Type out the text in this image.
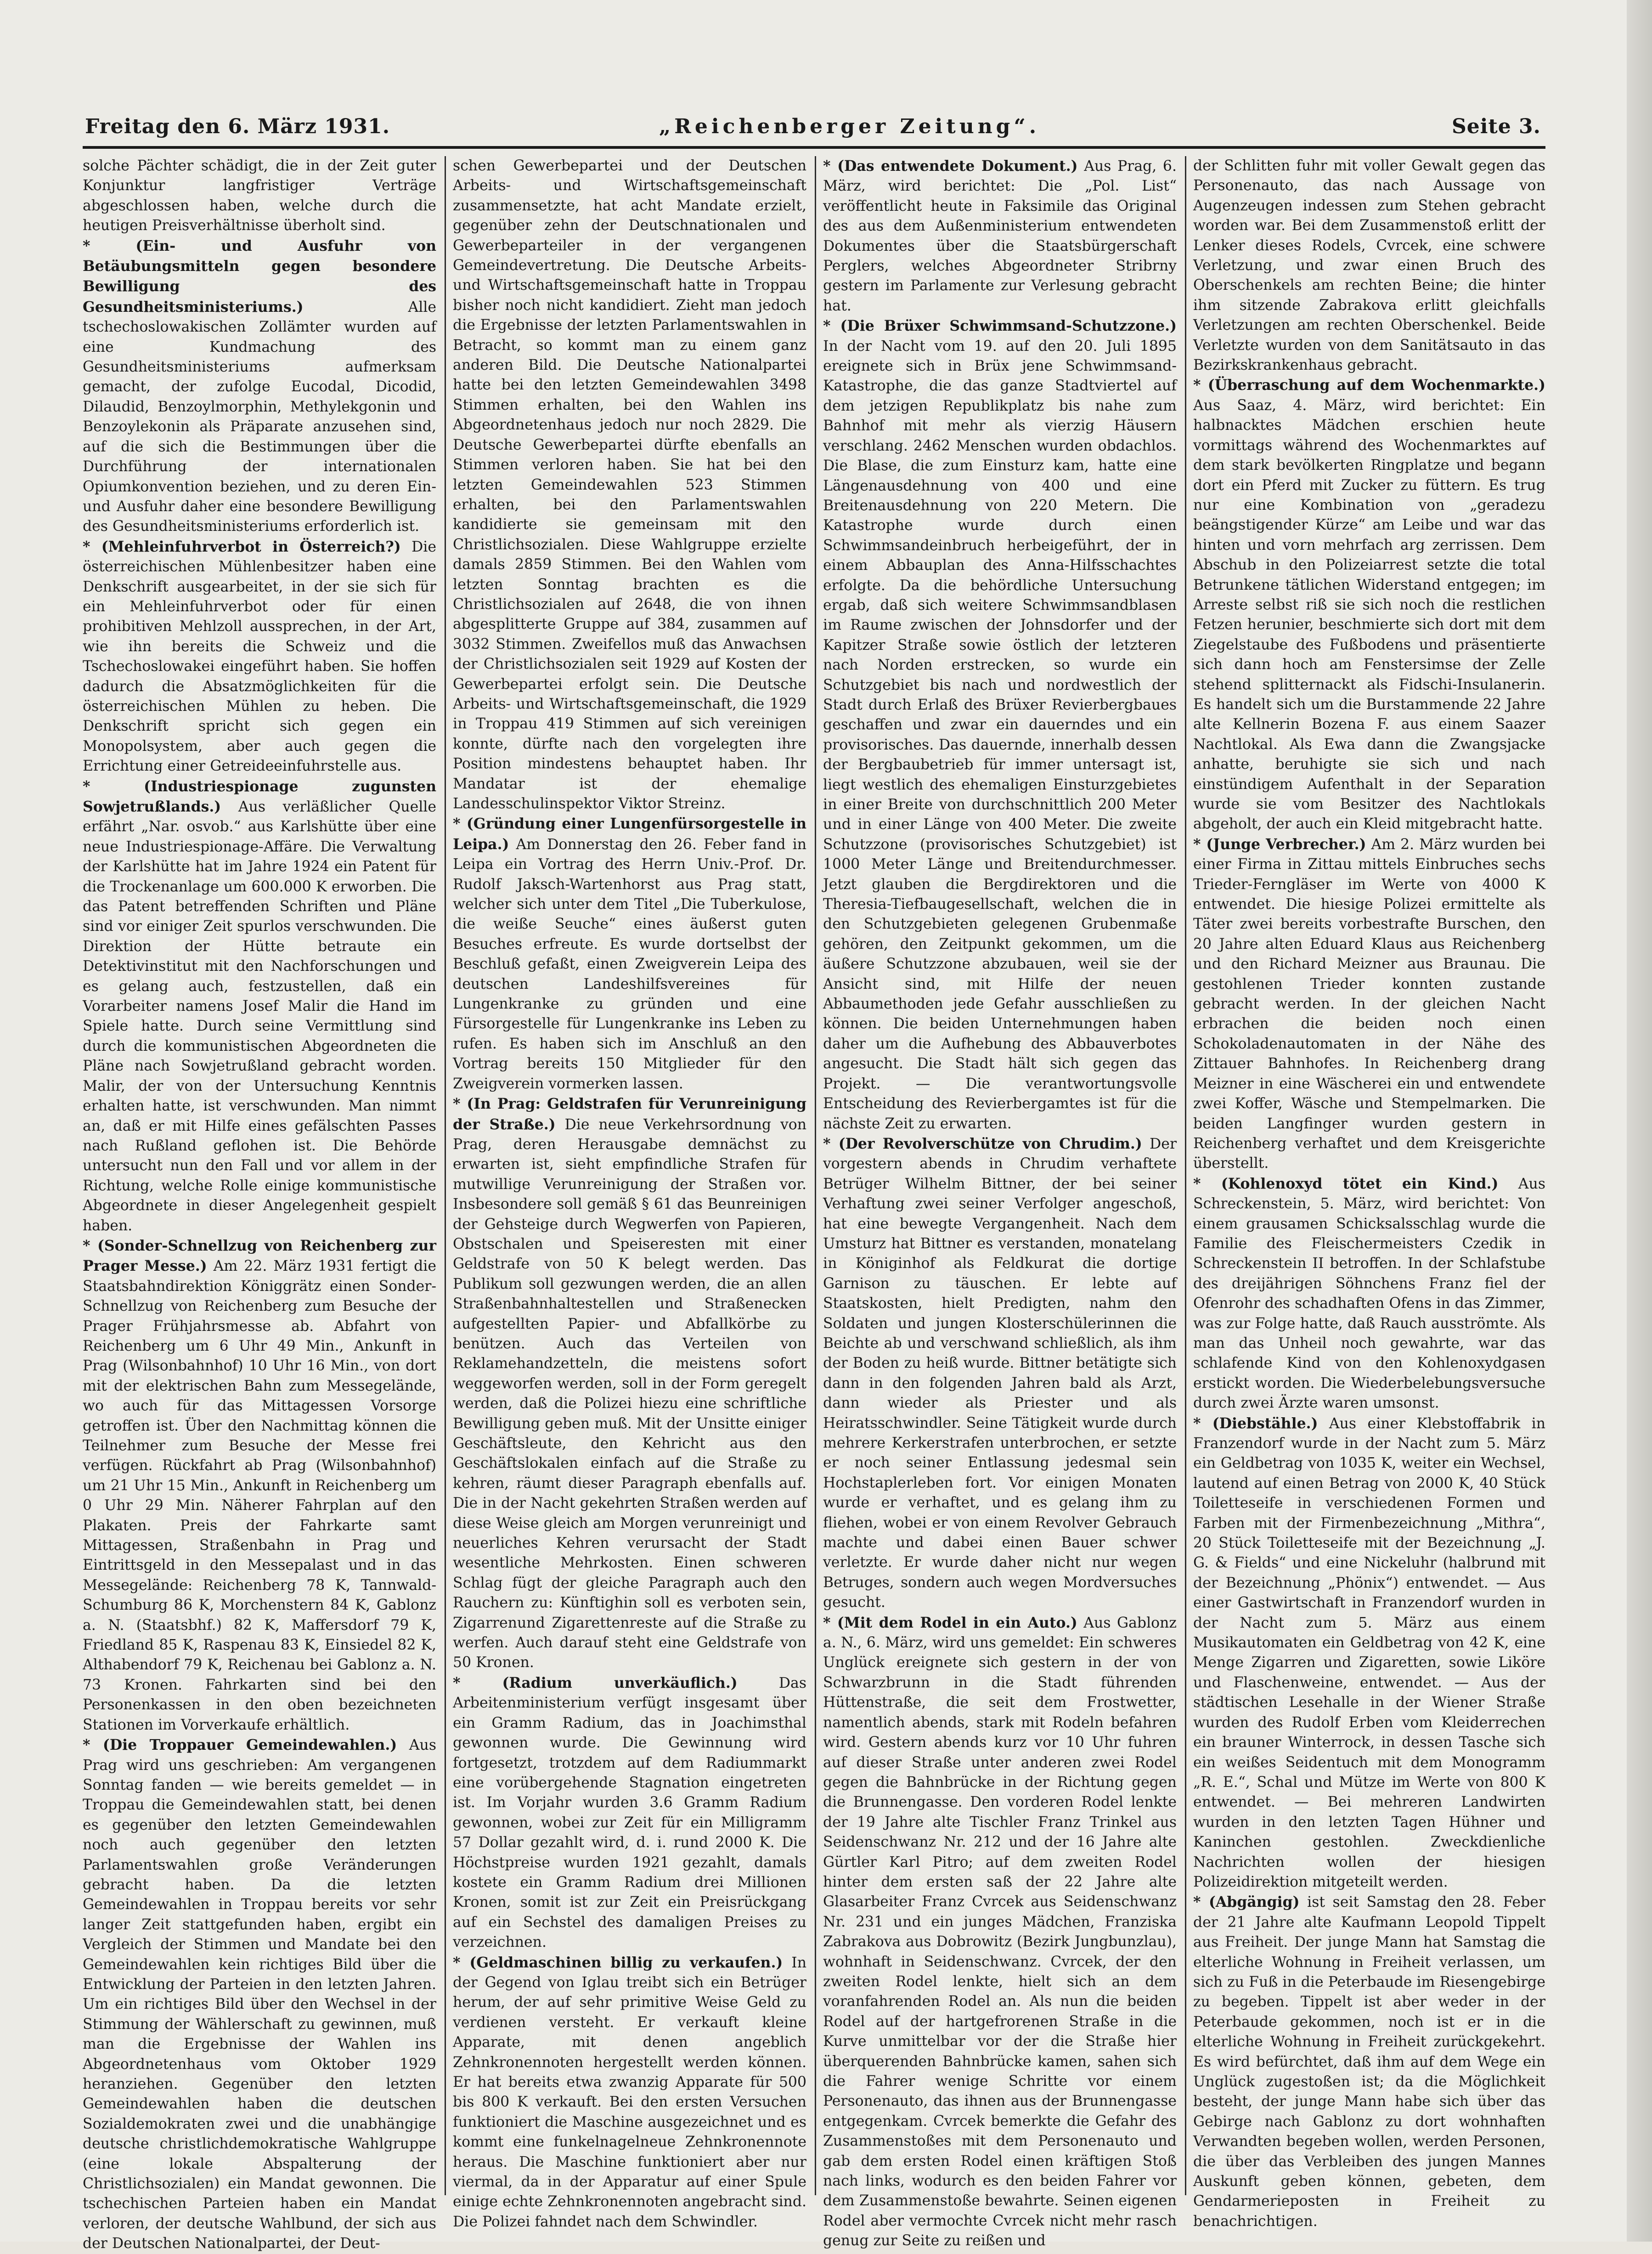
Freitag den 6. März 1931.	„Reichenberger Zeitung“.	Seite 3.

solche Pächter schädigt, die in der Zeit guter Konjunktur langfristiger Verträge abgeschlossen haben, welche durch die heutigen Preisverhältnisse überholt sind.

* (Ein- und Ausfuhr von Betäubungsmitteln gegen besondere Bewilligung des Gesundheitsministeriums.) Alle tschechoslowakischen Zollämter wurden auf eine Kundmachung des Gesundheitsministeriums aufmerksam gemacht, der zufolge Eucodal, Dicodid, Dilaudid, Benzoylmorphin, Methylekgonin und Benzoylekonin als Präparate anzusehen sind, auf die sich die Bestimmungen über die Durchführung der internationalen Opiumkonvention beziehen, und zu deren Ein- und Ausfuhr daher eine besondere Bewilligung des Gesundheitsministeriums erforderlich ist.

* (Mehleinfuhrverbot in Österreich?) Die österreichischen Mühlenbesitzer haben eine Denkschrift ausgearbeitet, in der sie sich für ein Mehleinfuhrverbot oder für einen prohibitiven Mehlzoll aussprechen, in der Art, wie ihn bereits die Schweiz und die Tschechoslowakei eingeführt haben. Sie hoffen dadurch die Absatzmöglichkeiten für die österreichischen Mühlen zu heben. Die Denkschrift spricht sich gegen ein Monopolsystem, aber auch gegen die Errichtung einer Getreideeinfuhrstelle aus.

* (Industriespionage zugunsten Sowjetrußlands.) Aus verläßlicher Quelle erfährt „Nar. osvob.“ aus Karlshütte über eine neue Industriespionage-Affäre. Die Verwaltung der Karlshütte hat im Jahre 1924 ein Patent für die Trockenanlage um 600.000 K erworben. Die das Patent betreffenden Schriften und Pläne sind vor einiger Zeit spurlos verschwunden. Die Direktion der Hütte betraute ein Detektivinstitut mit den Nachforschungen und es gelang auch, festzustellen, daß ein Vorarbeiter namens Josef Malir die Hand im Spiele hatte. Durch seine Vermittlung sind durch die kommunistischen Abgeordneten die Pläne nach Sowjetrußland gebracht worden. Malir, der von der Untersuchung Kenntnis erhalten hatte, ist verschwunden. Man nimmt an, daß er mit Hilfe eines gefälschten Passes nach Rußland geflohen ist. Die Behörde untersucht nun den Fall und vor allem in der Richtung, welche Rolle einige kommunistische Abgeordnete in dieser Angelegenheit gespielt haben.

* (Sonder-Schnellzug von Reichenberg zur Prager Messe.) Am 22. März 1931 fertigt die Staatsbahndirektion Königgrätz einen Sonder-Schnellzug von Reichenberg zum Besuche der Prager Frühjahrsmesse ab. Abfahrt von Reichenberg um 6 Uhr 49 Min., Ankunft in Prag (Wilsonbahnhof) 10 Uhr 16 Min., von dort mit der elektrischen Bahn zum Messegelände, wo auch für das Mittagessen Vorsorge getroffen ist. Über den Nachmittag können die Teilnehmer zum Besuche der Messe frei verfügen. Rückfahrt ab Prag (Wilsonbahnhof) um 21 Uhr 15 Min., Ankunft in Reichenberg um 0 Uhr 29 Min. Näherer Fahrplan auf den Plakaten. Preis der Fahrkarte samt Mittagessen, Straßenbahn in Prag und Eintrittsgeld in den Messepalast und in das Messegelände: Reichenberg 78 K, Tannwald-Schumburg 86 K, Morchenstern 84 K, Gablonz a. N. (Staatsbhf.) 82 K, Maffersdorf 79 K, Friedland 85 K, Raspenau 83 K, Einsiedel 82 K, Althabendorf 79 K, Reichenau bei Gablonz a. N. 73 Kronen. Fahrkarten sind bei den Personenkassen in den oben bezeichneten Stationen im Vorverkaufe erhältlich.

* (Die Troppauer Gemeindewahlen.) Aus Prag wird uns geschrieben: Am vergangenen Sonntag fanden — wie bereits gemeldet — in Troppau die Gemeindewahlen statt, bei denen es gegenüber den letzten Gemeindewahlen noch auch gegenüber den letzten Parlamentswahlen große Veränderungen gebracht haben. Da die letzten Gemeindewahlen in Troppau bereits vor sehr langer Zeit stattgefunden haben, ergibt ein Vergleich der Stimmen und Mandate bei den Gemeindewahlen kein richtiges Bild über die Entwicklung der Parteien in den letzten Jahren. Um ein richtiges Bild über den Wechsel in der Stimmung der Wählerschaft zu gewinnen, muß man die Ergebnisse der Wahlen ins Abgeordnetenhaus vom Oktober 1929 heranziehen. Gegenüber den letzten Gemeindewahlen haben die deutschen Sozialdemokraten zwei und die unabhängige deutsche christlichdemokratische Wahlgruppe (eine lokale Abspalterung der Christlichsozialen) ein Mandat gewonnen. Die tschechischen Parteien haben ein Mandat verloren, der deutsche Wahlbund, der sich aus der Deutschen Nationalpartei, der Deut-

schen Gewerbepartei und der Deutschen Arbeits- und Wirtschaftsgemeinschaft zusammensetzte, hat acht Mandate erzielt, gegenüber zehn der Deutschnationalen und Gewerbeparteiler in der vergangenen Gemeindevertretung. Die Deutsche Arbeits- und Wirtschaftsgemeinschaft hatte in Troppau bisher noch nicht kandidiert. Zieht man jedoch die Ergebnisse der letzten Parlamentswahlen in Betracht, so kommt man zu einem ganz anderen Bild. Die Deutsche Nationalpartei hatte bei den letzten Gemeindewahlen 3498 Stimmen erhalten, bei den Wahlen ins Abgeordnetenhaus jedoch nur noch 2829. Die Deutsche Gewerbepartei dürfte ebenfalls an Stimmen verloren haben. Sie hat bei den letzten Gemeindewahlen 523 Stimmen erhalten, bei den Parlamentswahlen kandidierte sie gemeinsam mit den Christlichsozialen. Diese Wahlgruppe erzielte damals 2859 Stimmen. Bei den Wahlen vom letzten Sonntag brachten es die Christlichsozialen auf 2648, die von ihnen abgesplitterte Gruppe auf 384, zusammen auf 3032 Stimmen. Zweifellos muß das Anwachsen der Christlichsozialen seit 1929 auf Kosten der Gewerbepartei erfolgt sein. Die Deutsche Arbeits- und Wirtschaftsgemeinschaft, die 1929 in Troppau 419 Stimmen auf sich vereinigen konnte, dürfte nach den vorgelegten ihre Position mindestens behauptet haben. Ihr Mandatar ist der ehemalige Landesschulinspektor Viktor Streinz.

* (Gründung einer Lungenfürsorgestelle in Leipa.) Am Donnerstag den 26. Feber fand in Leipa ein Vortrag des Herrn Univ.-Prof. Dr. Rudolf Jaksch-Wartenhorst aus Prag statt, welcher sich unter dem Titel „Die Tuberkulose, die weiße Seuche“ eines äußerst guten Besuches erfreute. Es wurde dortselbst der Beschluß gefaßt, einen Zweigverein Leipa des deutschen Landeshilfsvereines für Lungenkranke zu gründen und eine Fürsorgestelle für Lungenkranke ins Leben zu rufen. Es haben sich im Anschluß an den Vortrag bereits 150 Mitglieder für den Zweigverein vormerken lassen.

* (In Prag: Geldstrafen für Verunreinigung der Straße.) Die neue Verkehrsordnung von Prag, deren Herausgabe demnächst zu erwarten ist, sieht empfindliche Strafen für mutwillige Verunreinigung der Straßen vor. Insbesondere soll gemäß § 61 das Beunreinigen der Gehsteige durch Wegwerfen von Papieren, Obstschalen und Speiseresten mit einer Geldstrafe von 50 K belegt werden. Das Publikum soll gezwungen werden, die an allen Straßenbahnhaltestellen und Straßenecken aufgestellten Papier- und Abfallkörbe zu benützen. Auch das Verteilen von Reklamehandzetteln, die meistens sofort weggeworfen werden, soll in der Form geregelt werden, daß die Polizei hiezu eine schriftliche Bewilligung geben muß. Mit der Unsitte einiger Geschäftsleute, den Kehricht aus den Geschäftslokalen einfach auf die Straße zu kehren, räumt dieser Paragraph ebenfalls auf. Die in der Nacht gekehrten Straßen werden auf diese Weise gleich am Morgen verunreinigt und neuerliches Kehren verursacht der Stadt wesentliche Mehrkosten. Einen schweren Schlag fügt der gleiche Paragraph auch den Rauchern zu: Künftighin soll es verboten sein, Zigarrenund Zigarettenreste auf die Straße zu werfen. Auch darauf steht eine Geldstrafe von 50 Kronen.

* (Radium unverkäuflich.) Das Arbeitenministerium verfügt insgesamt über ein Gramm Radium, das in Joachimsthal gewonnen wurde. Die Gewinnung wird fortgesetzt, trotzdem auf dem Radiummarkt eine vorübergehende Stagnation eingetreten ist. Im Vorjahr wurden 3.6 Gramm Radium gewonnen, wobei zur Zeit für ein Milligramm 57 Dollar gezahlt wird, d. i. rund 2000 K. Die Höchstpreise wurden 1921 gezahlt, damals kostete ein Gramm Radium drei Millionen Kronen, somit ist zur Zeit ein Preisrückgang auf ein Sechstel des damaligen Preises zu verzeichnen.

* (Geldmaschinen billig zu verkaufen.) In der Gegend von Iglau treibt sich ein Betrüger herum, der auf sehr primitive Weise Geld zu verdienen versteht. Er verkauft kleine Apparate, mit denen angeblich Zehnkronennoten hergestellt werden können. Er hat bereits etwa zwanzig Apparate für 500 bis 800 K verkauft. Bei den ersten Versuchen funktioniert die Maschine ausgezeichnet und es kommt eine funkelnagelneue Zehnkronennote heraus. Die Maschine funktioniert aber nur viermal, da in der Apparatur auf einer Spule einige echte Zehnkronennoten angebracht sind. Die Polizei fahndet nach dem Schwindler.

* (Das entwendete Dokument.) Aus Prag, 6. März, wird berichtet: Die „Pol. List“ veröffentlicht heute in Faksimile das Original des aus dem Außenministerium entwendeten Dokumentes über die Staatsbürgerschaft Perglers, welches Abgeordneter Stribrny gestern im Parlamente zur Verlesung gebracht hat.

* (Die Brüxer Schwimmsand-Schutzzone.) In der Nacht vom 19. auf den 20. Juli 1895 ereignete sich in Brüx jene Schwimmsand-Katastrophe, die das ganze Stadtviertel auf dem jetzigen Republikplatz bis nahe zum Bahnhof mit mehr als vierzig Häusern verschlang. 2462 Menschen wurden obdachlos. Die Blase, die zum Einsturz kam, hatte eine Längenausdehnung von 400 und eine Breitenausdehnung von 220 Metern. Die Katastrophe wurde durch einen Schwimmsandeinbruch herbeigeführt, der in einem Abbauplan des Anna-Hilfsschachtes erfolgte. Da die behördliche Untersuchung ergab, daß sich weitere Schwimmsandblasen im Raume zwischen der Johnsdorfer und der Kapitzer Straße sowie östlich der letzteren nach Norden erstrecken, so wurde ein Schutzgebiet bis nach und nordwestlich der Stadt durch Erlaß des Brüxer Revierbergbaues geschaffen und zwar ein dauerndes und ein provisorisches. Das dauernde, innerhalb dessen der Bergbaubetrieb für immer untersagt ist, liegt westlich des ehemaligen Einsturzgebietes in einer Breite von durchschnittlich 200 Meter und in einer Länge von 400 Meter. Die zweite Schutzzone (provisorisches Schutzgebiet) ist 1000 Meter Länge und Breitendurchmesser. Jetzt glauben die Bergdirektoren und die Theresia-Tiefbaugesellschaft, welchen die in den Schutzgebieten gelegenen Grubenmaße gehören, den Zeitpunkt gekommen, um die äußere Schutzzone abzubauen, weil sie der Ansicht sind, mit Hilfe der neuen Abbaumethoden jede Gefahr ausschließen zu können. Die beiden Unternehmungen haben daher um die Aufhebung des Abbauverbotes angesucht. Die Stadt hält sich gegen das Projekt. — Die verantwortungsvolle Entscheidung des Revierbergamtes ist für die nächste Zeit zu erwarten.

* (Der Revolverschütze von Chrudim.) Der vorgestern abends in Chrudim verhaftete Betrüger Wilhelm Bittner, der bei seiner Verhaftung zwei seiner Verfolger angeschoß, hat eine bewegte Vergangenheit. Nach dem Umsturz hat Bittner es verstanden, monatelang in Königinhof als Feldkurat die dortige Garnison zu täuschen. Er lebte auf Staatskosten, hielt Predigten, nahm den Soldaten und jungen Klosterschülerinnen die Beichte ab und verschwand schließlich, als ihm der Boden zu heiß wurde. Bittner betätigte sich dann in den folgenden Jahren bald als Arzt, dann wieder als Priester und als Heiratsschwindler. Seine Tätigkeit wurde durch mehrere Kerkerstrafen unterbrochen, er setzte er noch seiner Entlassung jedesmal sein Hochstaplerleben fort. Vor einigen Monaten wurde er verhaftet, und es gelang ihm zu fliehen, wobei er von einem Revolver Gebrauch machte und dabei einen Bauer schwer verletzte. Er wurde daher nicht nur wegen Betruges, sondern auch wegen Mordversuches gesucht.

* (Mit dem Rodel in ein Auto.) Aus Gablonz a. N., 6. März, wird uns gemeldet: Ein schweres Unglück ereignete sich gestern in der von Schwarzbrunn in die Stadt führenden Hüttenstraße, die seit dem Frostwetter, namentlich abends, stark mit Rodeln befahren wird. Gestern abends kurz vor 10 Uhr fuhren auf dieser Straße unter anderen zwei Rodel gegen die Bahnbrücke in der Richtung gegen die Brunnengasse. Den vorderen Rodel lenkte der 19 Jahre alte Tischler Franz Trinkel aus Seidenschwanz Nr. 212 und der 16 Jahre alte Gürtler Karl Pitro; auf dem zweiten Rodel hinter dem ersten saß der 22 Jahre alte Glasarbeiter Franz Cvrcek aus Seidenschwanz Nr. 231 und ein junges Mädchen, Franziska Zabrakova aus Dobrowitz (Bezirk Jungbunzlau), wohnhaft in Seidenschwanz. Cvrcek, der den zweiten Rodel lenkte, hielt sich an dem voranfahrenden Rodel an. Als nun die beiden Rodel auf der hartgefrorenen Straße in die Kurve unmittelbar vor der die Straße hier überquerenden Bahnbrücke kamen, sahen sich die Fahrer wenige Schritte vor einem Personenauto, das ihnen aus der Brunnengasse entgegenkam. Cvrcek bemerkte die Gefahr des Zusammenstoßes mit dem Personenauto und gab dem ersten Rodel einen kräftigen Stoß nach links, wodurch es den beiden Fahrer vor dem Zusammenstoße bewahrte. Seinen eigenen Rodel aber vermochte Cvrcek nicht mehr rasch genug zur Seite zu reißen und

der Schlitten fuhr mit voller Gewalt gegen das Personenauto, das nach Aussage von Augenzeugen indessen zum Stehen gebracht worden war. Bei dem Zusammenstoß erlitt der Lenker dieses Rodels, Cvrcek, eine schwere Verletzung, und zwar einen Bruch des Oberschenkels am rechten Beine; die hinter ihm sitzende Zabrakova erlitt gleichfalls Verletzungen am rechten Oberschenkel. Beide Verletzte wurden von dem Sanitätsauto in das Bezirkskrankenhaus gebracht.

* (Überraschung auf dem Wochenmarkte.) Aus Saaz, 4. März, wird berichtet: Ein halbnacktes Mädchen erschien heute vormittags während des Wochenmarktes auf dem stark bevölkerten Ringplatze und begann dort ein Pferd mit Zucker zu füttern. Es trug nur eine Kombination von „geradezu beängstigender Kürze“ am Leibe und war das hinten und vorn mehrfach arg zerrissen. Dem Abschub in den Polizeiarrest setzte die total Betrunkene tätlichen Widerstand entgegen; im Arreste selbst riß sie sich noch die restlichen Fetzen herunier, beschmierte sich dort mit dem Ziegelstaube des Fußbodens und präsentierte sich dann hoch am Fenstersimse der Zelle stehend splitternackt als Fidschi-Insulanerin. Es handelt sich um die Burstammende 22 Jahre alte Kellnerin Bozena F. aus einem Saazer Nachtlokal. Als Ewa dann die Zwangsjacke anhatte, beruhigte sie sich und nach einstündigem Aufenthalt in der Separation wurde sie vom Besitzer des Nachtlokals abgeholt, der auch ein Kleid mitgebracht hatte.

* (Junge Verbrecher.) Am 2. März wurden bei einer Firma in Zittau mittels Einbruches sechs Trieder-Ferngläser im Werte von 4000 K entwendet. Die hiesige Polizei ermittelte als Täter zwei bereits vorbestrafte Burschen, den 20 Jahre alten Eduard Klaus aus Reichenberg und den Richard Meizner aus Braunau. Die gestohlenen Trieder konnten zustande gebracht werden. In der gleichen Nacht erbrachen die beiden noch einen Schokoladenautomaten in der Nähe des Zittauer Bahnhofes. In Reichenberg drang Meizner in eine Wäscherei ein und entwendete zwei Koffer, Wäsche und Stempelmarken. Die beiden Langfinger wurden gestern in Reichenberg verhaftet und dem Kreisgerichte überstellt.

* (Kohlenoxyd tötet ein Kind.) Aus Schreckenstein, 5. März, wird berichtet: Von einem grausamen Schicksalsschlag wurde die Familie des Fleischermeisters Czedik in Schreckenstein II betroffen. In der Schlafstube des dreijährigen Söhnchens Franz fiel der Ofenrohr des schadhaften Ofens in das Zimmer, was zur Folge hatte, daß Rauch ausströmte. Als man das Unheil noch gewahrte, war das schlafende Kind von den Kohlenoxydgasen erstickt worden. Die Wiederbelebungsversuche durch zwei Ärzte waren umsonst.

* (Diebstähle.) Aus einer Klebstoffabrik in Franzendorf wurde in der Nacht zum 5. März ein Geldbetrag von 1035 K, weiter ein Wechsel, lautend auf einen Betrag von 2000 K, 40 Stück Toiletteseife in verschiedenen Formen und Farben mit der Firmenbezeichnung „Mithra“, 20 Stück Toiletteseife mit der Bezeichnung „J. G. & Fields“ und eine Nickeluhr (halbrund mit der Bezeichnung „Phönix“) entwendet. — Aus einer Gastwirtschaft in Franzendorf wurden in der Nacht zum 5. März aus einem Musikautomaten ein Geldbetrag von 42 K, eine Menge Zigarren und Zigaretten, sowie Liköre und Flaschenweine, entwendet. — Aus der städtischen Lesehalle in der Wiener Straße wurden des Rudolf Erben vom Kleiderrechen ein brauner Winterrock, in dessen Tasche sich ein weißes Seidentuch mit dem Monogramm „R. E.“, Schal und Mütze im Werte von 800 K entwendet. — Bei mehreren Landwirten wurden in den letzten Tagen Hühner und Kaninchen gestohlen. Zweckdienliche Nachrichten wollen der hiesigen Polizeidirektion mitgeteilt werden.

* (Abgängig) ist seit Samstag den 28. Feber der 21 Jahre alte Kaufmann Leopold Tippelt aus Freiheit. Der junge Mann hat Samstag die elterliche Wohnung in Freiheit verlassen, um sich zu Fuß in die Peterbaude im Riesengebirge zu begeben. Tippelt ist aber weder in der Peterbaude gekommen, noch ist er in die elterliche Wohnung in Freiheit zurückgekehrt. Es wird befürchtet, daß ihm auf dem Wege ein Unglück zugestoßen ist; da die Möglichkeit besteht, der junge Mann habe sich über das Gebirge nach Gablonz zu dort wohnhaften Verwandten begeben wollen, werden Personen, die über das Verbleiben des jungen Mannes Auskunft geben können, gebeten, dem Gendarmerieposten in Freiheit zu benachrichtigen.
